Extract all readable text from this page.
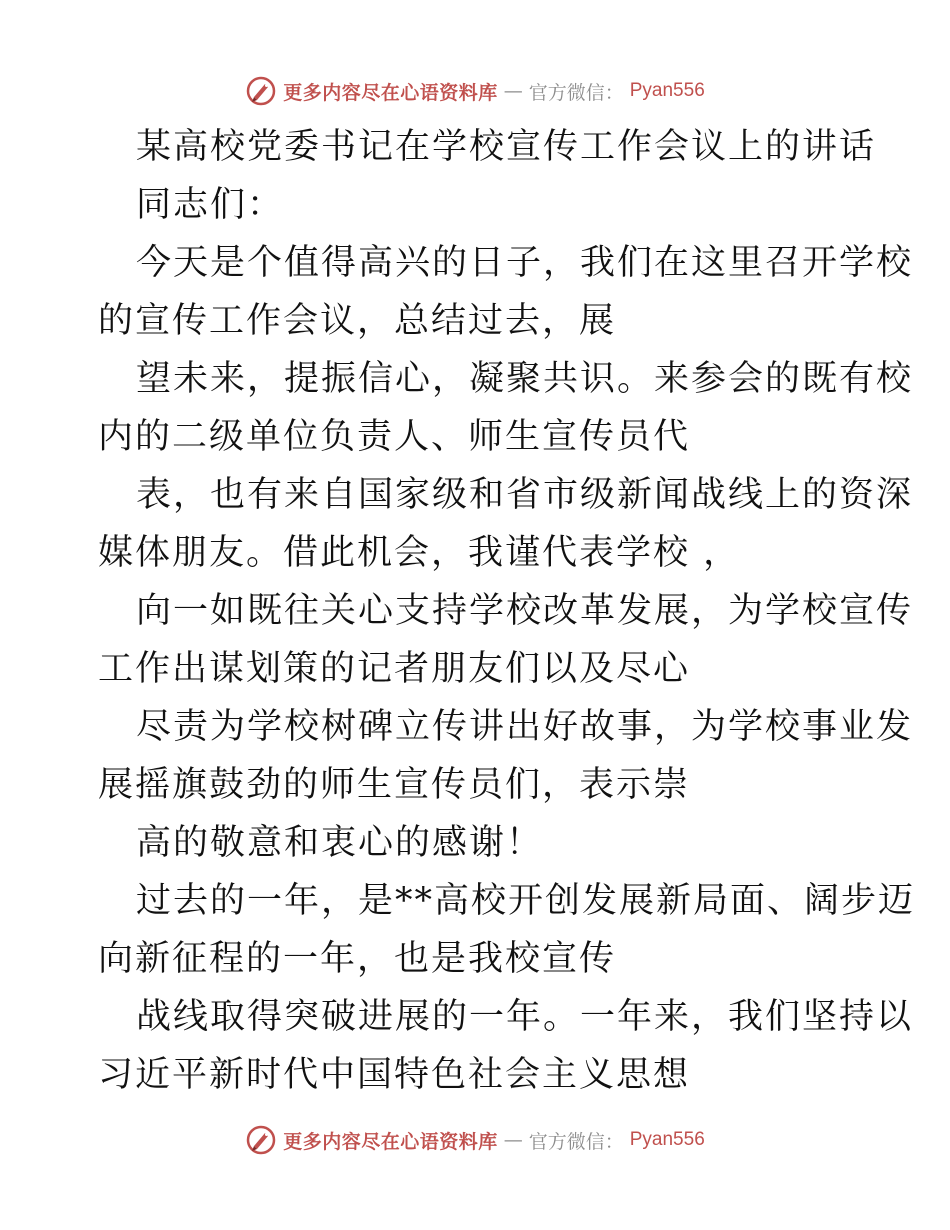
更多内容尽在心语资料库 — 官方微信： Pyan556
某高校党委书记在学校宣传工作会议上的讲话
同志们：
今天是个值得高兴的日子，我们在这里召开学校
的宣传工作会议，总结过去，展
望未来，提振信心，凝聚共识。来参会的既有校
内的二级单位负责人、师生宣传员代
表，也有来自国家级和省市级新闻战线上的资深
媒体朋友。借此机会，我谨代表学校 ，
向一如既往关心支持学校改革发展，为学校宣传
工作出谋划策的记者朋友们以及尽心
尽责为学校树碑立传讲出好故事，为学校事业发
展摇旗鼓劲的师生宣传员们，表示崇
高的敬意和衷心的感谢！
过去的一年，是**高校开创发展新局面、阔步迈
向新征程的一年，也是我校宣传
战线取得突破进展的一年。一年来，我们坚持以
习近平新时代中国特色社会主义思想
更多内容尽在心语资料库 — 官方微信： Pyan556
